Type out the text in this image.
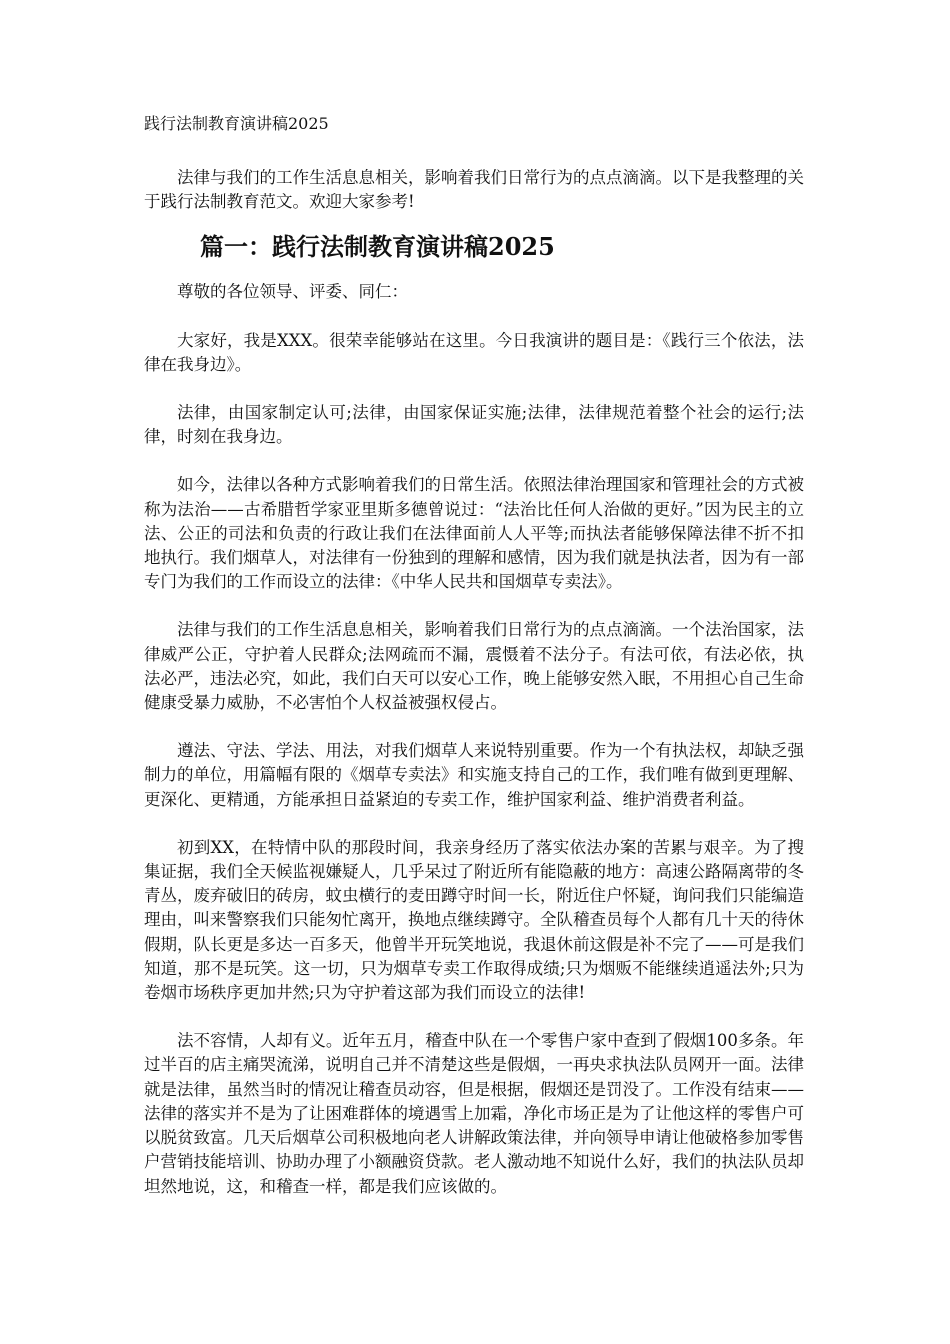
践行法制教育演讲稿2025

法律与我们的工作生活息息相关，影响着我们日常行为的点点滴滴。以下是我整理的关于践行法制教育范文。欢迎大家参考!

篇一：践行法制教育演讲稿2025

尊敬的各位领导、评委、同仁：

大家好，我是XXX。很荣幸能够站在这里。今日我演讲的题目是：《践行三个依法，法律在我身边》。

法律，由国家制定认可;法律，由国家保证实施;法律，法律规范着整个社会的运行;法律，时刻在我身边。

如今，法律以各种方式影响着我们的日常生活。依照法律治理国家和管理社会的方式被称为法治——古希腊哲学家亚里斯多德曾说过：“法治比任何人治做的更好。”因为民主的立法、公正的司法和负责的行政让我们在法律面前人人平等;而执法者能够保障法律不折不扣地执行。我们烟草人，对法律有一份独到的理解和感情，因为我们就是执法者，因为有一部专门为我们的工作而设立的法律：《中华人民共和国烟草专卖法》。

法律与我们的工作生活息息相关，影响着我们日常行为的点点滴滴。一个法治国家，法律威严公正，守护着人民群众;法网疏而不漏，震慑着不法分子。有法可依，有法必依，执法必严，违法必究，如此，我们白天可以安心工作，晚上能够安然入眠，不用担心自己生命健康受暴力威胁，不必害怕个人权益被强权侵占。

遵法、守法、学法、用法，对我们烟草人来说特别重要。作为一个有执法权，却缺乏强制力的单位，用篇幅有限的《烟草专卖法》和实施支持自己的工作，我们唯有做到更理解、更深化、更精通，方能承担日益紧迫的专卖工作，维护国家利益、维护消费者利益。

初到XX，在特情中队的那段时间，我亲身经历了落实依法办案的苦累与艰辛。为了搜集证据，我们全天候监视嫌疑人，几乎呆过了附近所有能隐蔽的地方：高速公路隔离带的冬青丛，废弃破旧的砖房，蚊虫横行的麦田蹲守时间一长，附近住户怀疑，询问我们只能编造理由，叫来警察我们只能匆忙离开，换地点继续蹲守。全队稽查员每个人都有几十天的待休假期，队长更是多达一百多天，他曾半开玩笑地说，我退休前这假是补不完了——可是我们知道，那不是玩笑。这一切，只为烟草专卖工作取得成绩;只为烟贩不能继续逍遥法外;只为卷烟市场秩序更加井然;只为守护着这部为我们而设立的法律!

法不容情，人却有义。近年五月，稽查中队在一个零售户家中查到了假烟100多条。年过半百的店主痛哭流涕，说明自己并不清楚这些是假烟，一再央求执法队员网开一面。法律就是法律，虽然当时的情况让稽查员动容，但是根据，假烟还是罚没了。工作没有结束——法律的落实并不是为了让困难群体的境遇雪上加霜，净化市场正是为了让他这样的零售户可以脱贫致富。几天后烟草公司积极地向老人讲解政策法律，并向领导申请让他破格参加零售户营销技能培训、协助办理了小额融资贷款。老人激动地不知说什么好，我们的执法队员却坦然地说，这，和稽查一样，都是我们应该做的。
